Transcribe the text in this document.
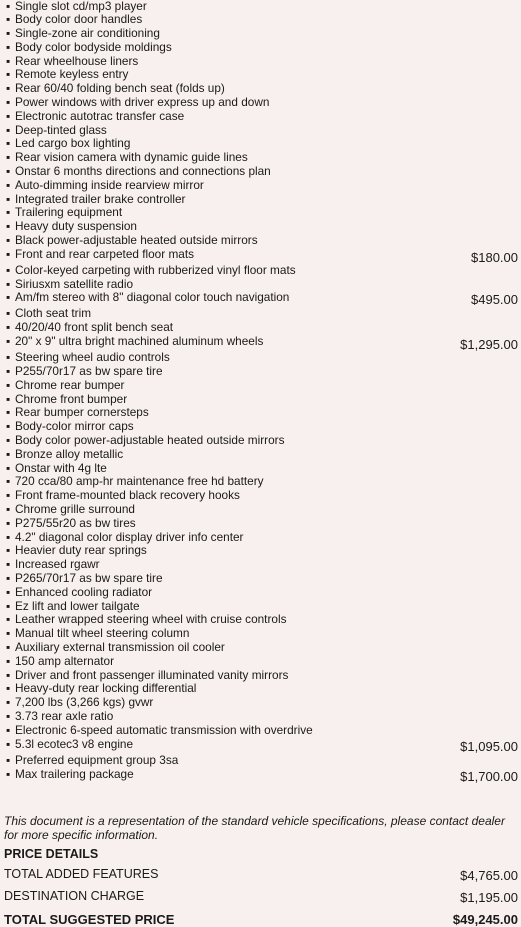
▪ Single slot cd/mp3 player
▪ Body color door handles
▪ Single-zone air conditioning
▪ Body color bodyside moldings
▪ Rear wheelhouse liners
▪ Remote keyless entry
▪ Rear 60/40 folding bench seat (folds up)
▪ Power windows with driver express up and down
▪ Electronic autotrac transfer case
▪ Deep-tinted glass
▪ Led cargo box lighting
▪ Rear vision camera with dynamic guide lines
▪ Onstar 6 months directions and connections plan
▪ Auto-dimming inside rearview mirror
▪ Integrated trailer brake controller
▪ Trailering equipment
▪ Heavy duty suspension
▪ Black power-adjustable heated outside mirrors
▪ Front and rear carpeted floor mats	$180.00
▪ Color-keyed carpeting with rubberized vinyl floor mats
▪ Siriusxm satellite radio
▪ Am/fm stereo with 8" diagonal color touch navigation	$495.00
▪ Cloth seat trim
▪ 40/20/40 front split bench seat
▪ 20" x 9" ultra bright machined aluminum wheels	$1,295.00
▪ Steering wheel audio controls
▪ P255/70r17 as bw spare tire
▪ Chrome rear bumper
▪ Chrome front bumper
▪ Rear bumper cornersteps
▪ Body-color mirror caps
▪ Body color power-adjustable heated outside mirrors
▪ Bronze alloy metallic
▪ Onstar with 4g lte
▪ 720 cca/80 amp-hr maintenance free hd battery
▪ Front frame-mounted black recovery hooks
▪ Chrome grille surround
▪ P275/55r20 as bw tires
▪ 4.2" diagonal color display driver info center
▪ Heavier duty rear springs
▪ Increased rgawr
▪ P265/70r17 as bw spare tire
▪ Enhanced cooling radiator
▪ Ez lift and lower tailgate
▪ Leather wrapped steering wheel with cruise controls
▪ Manual tilt wheel steering column
▪ Auxiliary external transmission oil cooler
▪ 150 amp alternator
▪ Driver and front passenger illuminated vanity mirrors
▪ Heavy-duty rear locking differential
▪ 7,200 lbs (3,266 kgs) gvwr
▪ 3.73 rear axle ratio
▪ Electronic 6-speed automatic transmission with overdrive
▪ 5.3l ecotec3 v8 engine	$1,095.00
▪ Preferred equipment group 3sa
▪ Max trailering package	$1,700.00
This document is a representation of the standard vehicle specifications, please contact dealer for more specific information.
PRICE DETAILS
TOTAL ADDED FEATURES	$4,765.00
DESTINATION CHARGE	$1,195.00
TOTAL SUGGESTED PRICE	$49,245.00
